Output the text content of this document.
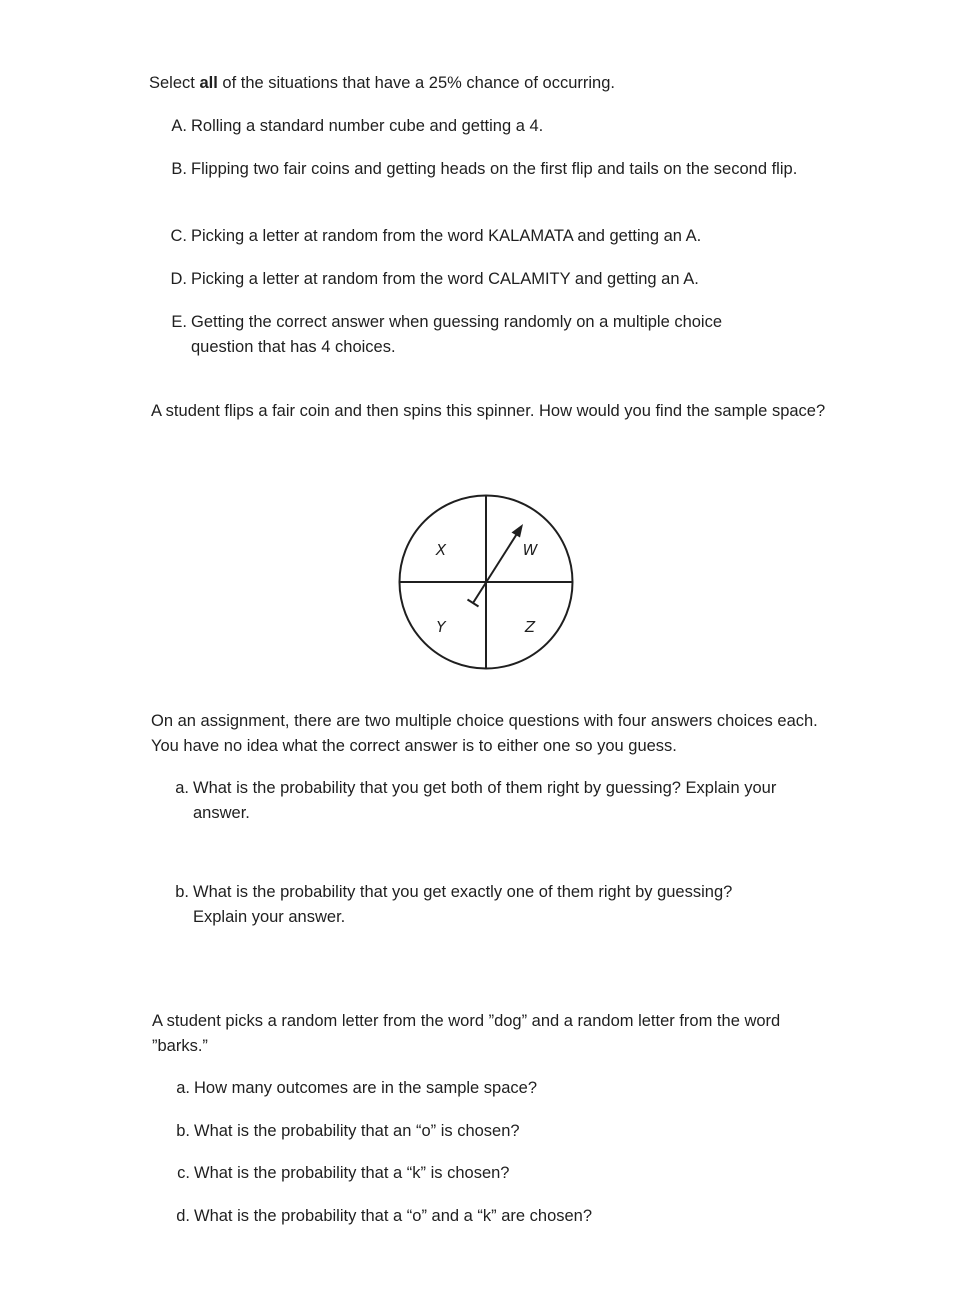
Select all of the situations that have a 25% chance of occurring.

A. Rolling a standard number cube and getting a 4.
B. Flipping two fair coins and getting heads on the first flip and tails on the second flip.
C. Picking a letter at random from the word KALAMATA and getting an A.
D. Picking a letter at random from the word CALAMITY and getting an A.
E. Getting the correct answer when guessing randomly on a multiple choice question that has 4 choices.

A student flips a fair coin and then spins this spinner. How would you find the sample space?

X	W
Y	Z

On an assignment, there are two multiple choice questions with four answers choices each. You have no idea what the correct answer is to either one so you guess.

a. What is the probability that you get both of them right by guessing? Explain your answer.
b. What is the probability that you get exactly one of them right by guessing? Explain your answer.

A student picks a random letter from the word ”dog” and a random letter from the word ”barks.”

a. How many outcomes are in the sample space?
b. What is the probability that an “o” is chosen?
c. What is the probability that a “k” is chosen?
d. What is the probability that a “o” and a “k” are chosen?
